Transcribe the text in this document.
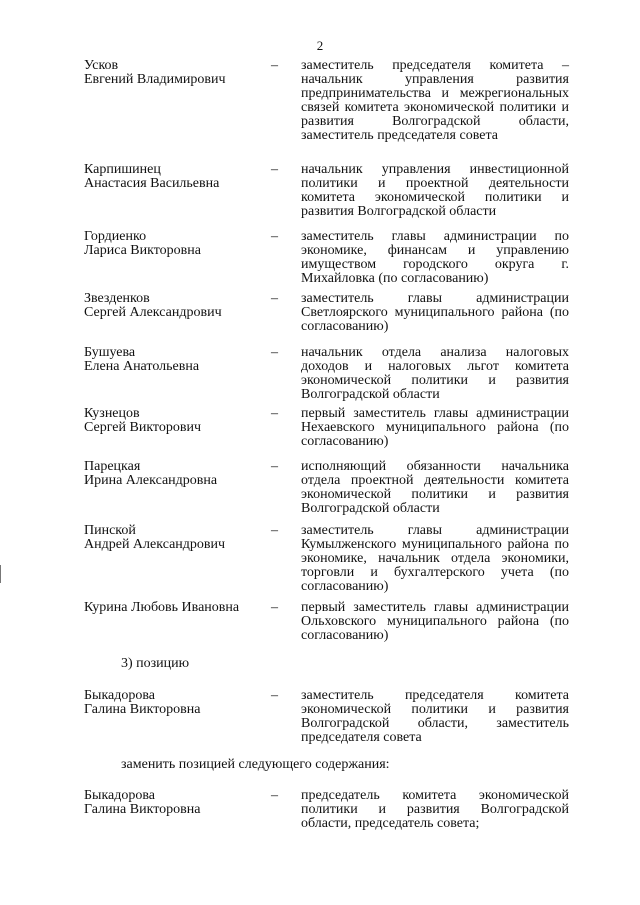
2
Усков
Евгений Владимирович
– заместитель председателя комитета – начальник управления развития предпринимательства и межрегиональных связей комитета экономической политики и развития Волгоградской области, заместитель председателя совета
Карпишинец
Анастасия Васильевна
– начальник управления инвестиционной политики и проектной деятельности комитета экономической политики и развития Волгоградской области
Гордиенко
Лариса Викторовна
– заместитель главы администрации по экономике, финансам и управлению имуществом городского округа г. Михайловка (по согласованию)
Звезденков
Сергей Александрович
– заместитель главы администрации Светлоярского муниципального района (по согласованию)
Бушуева
Елена Анатольевна
– начальник отдела анализа налоговых доходов и налоговых льгот комитета экономической политики и развития Волгоградской области
Кузнецов
Сергей Викторович
– первый заместитель главы администрации Нехаевского муниципального района (по согласованию)
Парецкая
Ирина Александровна
– исполняющий обязанности начальника отдела проектной деятельности комитета экономической политики и развития Волгоградской области
Пинской
Андрей Александрович
– заместитель главы администрации Кумылженского муниципального района по экономике, начальник отдела экономики, торговли и бухгалтерского учета (по согласованию)
Курина Любовь Ивановна	– первый заместитель главы администрации Ольховского муниципального района (по согласованию)
3) позицию
Быкадорова
Галина Викторовна
– заместитель председателя комитета экономической политики и развития Волгоградской области, заместитель председателя совета
заменить позицией следующего содержания:
Быкадорова
Галина Викторовна
– председатель комитета экономической политики и развития Волгоградской области, председатель совета;
